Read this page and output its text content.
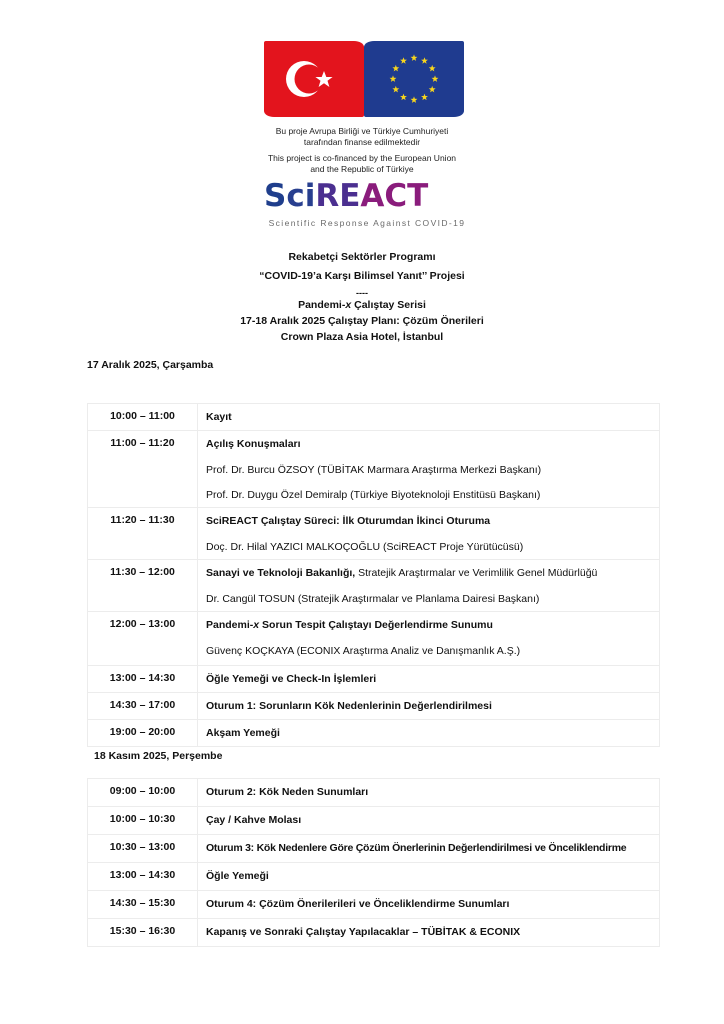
Bu proje Avrupa Birliği ve Türkiye Cumhuriyeti
tarafından finanse edilmektedir
This project is co-financed by the European Union
and the Republic of Türkiye
SciREACT
Scientific Response Against COVID-19
Rekabetçi Sektörler Programı
“COVID-19’a Karşı Bilimsel Yanıt’’ Projesi
----
Pandemi-x Çalıştay Serisi
17-18 Aralık 2025 Çalıştay Planı: Çözüm Önerileri
Crown Plaza Asia Hotel, İstanbul
17 Aralık 2025, Çarşamba
10:00 – 11:00	Kayıt

11:00 – 11:20	Açılış Konuşmaları
Prof. Dr. Burcu ÖZSOY (TÜBİTAK Marmara Araştırma Merkezi Başkanı)
Prof. Dr. Duygu Özel Demiralp (Türkiye Biyoteknoloji Enstitüsü Başkanı)

11:20 – 11:30	SciREACT Çalıştay Süreci: İlk Oturumdan İkinci Oturuma
Doç. Dr. Hilal YAZICI MALKOÇOĞLU (SciREACT Proje Yürütücüsü)

11:30 – 12:00	Sanayi ve Teknoloji Bakanlığı, Stratejik Araştırmalar ve Verimlilik Genel Müdürlüğü
Dr. Cangül TOSUN (Stratejik Araştırmalar ve Planlama Dairesi Başkanı)

12:00 – 13:00	Pandemi-x Sorun Tespit Çalıştayı Değerlendirme Sunumu
Güvenç KOÇKAYA (ECONIX Araştırma Analiz ve Danışmanlık A.Ş.)

13:00 – 14:30	Öğle Yemeği ve Check-In İşlemleri

14:30 – 17:00	Oturum 1: Sorunların Kök Nedenlerinin Değerlendirilmesi

19:00 – 20:00	Akşam Yemeği
18 Kasım 2025, Perşembe
09:00 – 10:00	Oturum 2: Kök Neden Sunumları

10:00 – 10:30	Çay / Kahve Molası

10:30 – 13:00	Oturum 3: Kök Nedenlere Göre Çözüm Önerlerinin Değerlendirilmesi ve Önceliklendirme

13:00 – 14:30	Öğle Yemeği

14:30 – 15:30	Oturum 4: Çözüm Önerilerileri ve Önceliklendirme Sunumları

15:30 – 16:30	Kapanış ve Sonraki Çalıştay Yapılacaklar – TÜBİTAK & ECONIX
